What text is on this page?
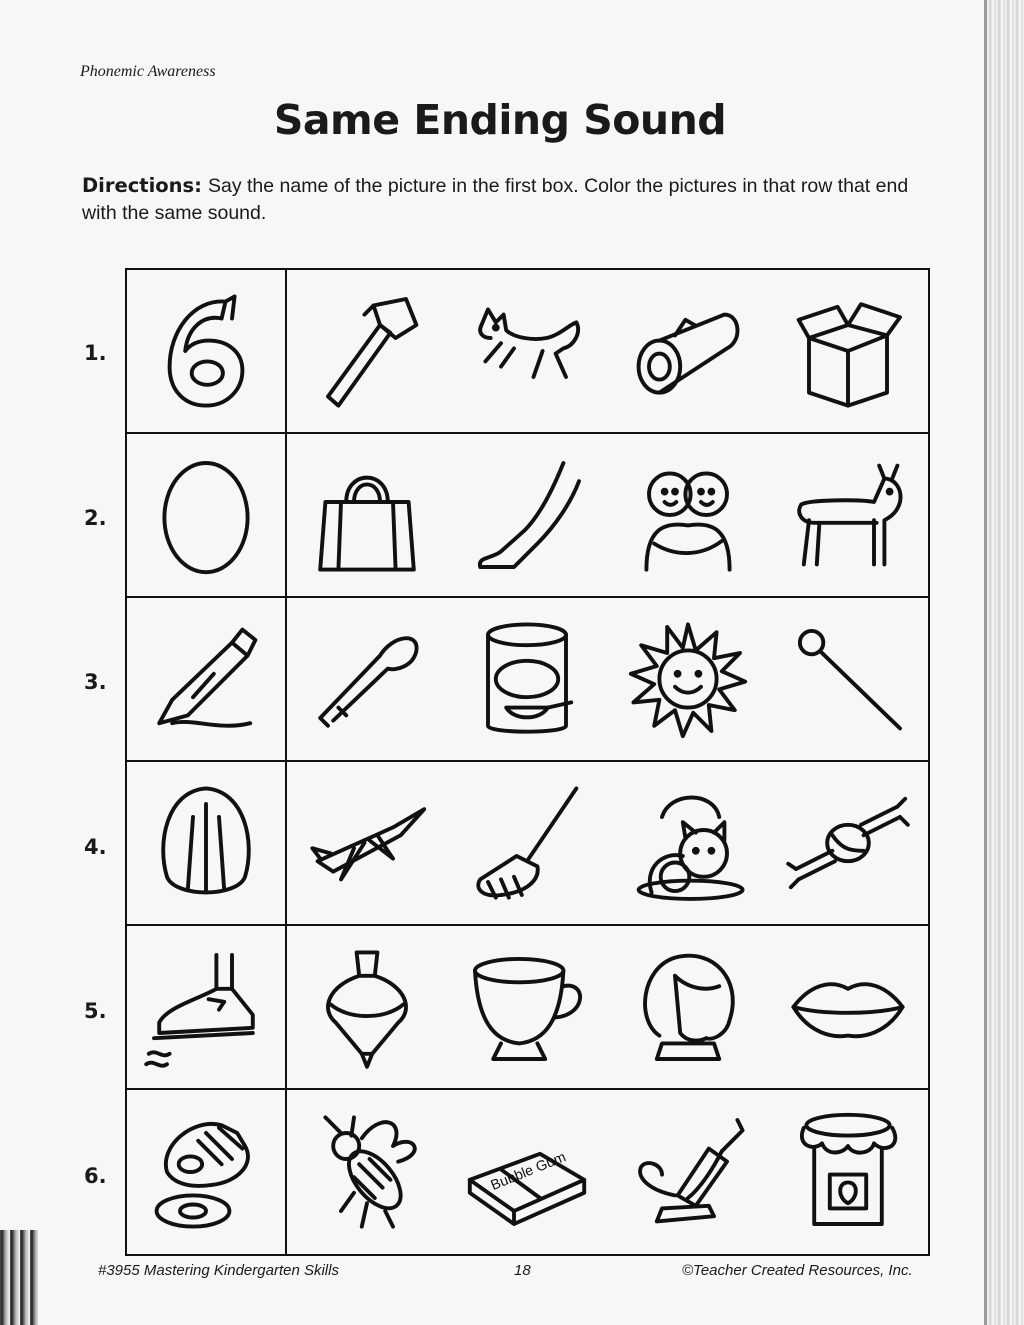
Phonemic Awareness
Same Ending Sound
Directions: Say the name of the picture in the first box. Color the pictures in that row that end with the same sound.
1.
2.
3.
4.
5.
6.	Bubble Gum
#3955 Mastering Kindergarten Skills	18	©Teacher Created Resources, Inc.
